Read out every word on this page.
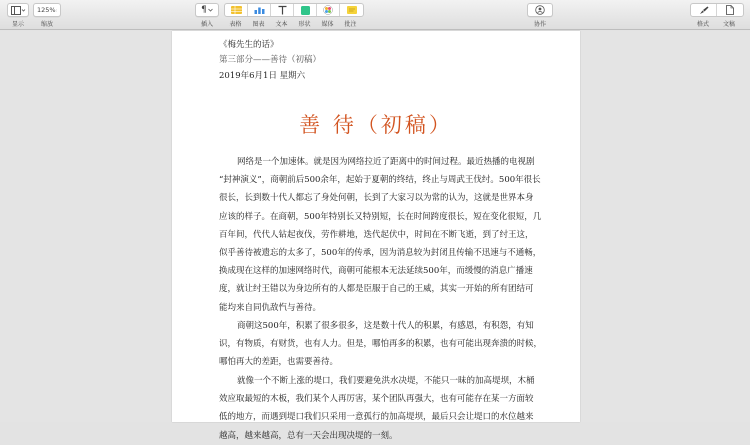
显示
125%
缩放
¶
插入	表格	图表	文本	形状	媒体	批注	协作	格式	文稿
《梅先生的话》
第三部分——善待（初稿）
2019年6月1日 星期六
善 待（初稿）
网络是一个加速体。就是因为网络拉近了距离中的时间过程。最近热播的电视剧
“封神演义”，商朝前后500余年，起始于夏朝的终结，终止与周武王伐纣。500年很长
很长，长到数十代人都忘了身处何朝，长到了大家习以为常的认为，这就是世界本身
应该的样子。在商朝，500年特别长又特别短，长在时间跨度很长，短在变化很短，几
百年间，代代人钻起夜伐，劳作耕地，迭代起伏中，时间在不断飞逝，到了纣王这，
似乎善待被遗忘的太多了，500年的传承，因为消息较为封闭且传输不迅速与不通畅，
换成现在这样的加速网络时代，商朝可能根本无法延续500年，而缓慢的消息广播速
度，就让纣王错以为身边所有的人都是臣服于自己的王威，其实一开始的所有团结可
能均来自同仇敌忾与善待。
商朝这500年，积累了很多很多，这是数十代人的积累，有感恩，有积怨，有知
识，有物质，有财货，也有人力。但是，哪怕再多的积累，也有可能出现奔溃的时候，
哪怕再大的差距，也需要善待。
就像一个不断上涨的堤口，我们要避免洪水决堤，不能只一昧的加高堤坝，木桶
效应取最短的木板，我们某个人再厉害，某个团队再强大，也有可能存在某一方面较
低的地方，而遇到堤口我们只采用一意孤行的加高堤坝，最后只会让堤口的水位越来
越高，越来越高，总有一天会出现决堤的一刻。
